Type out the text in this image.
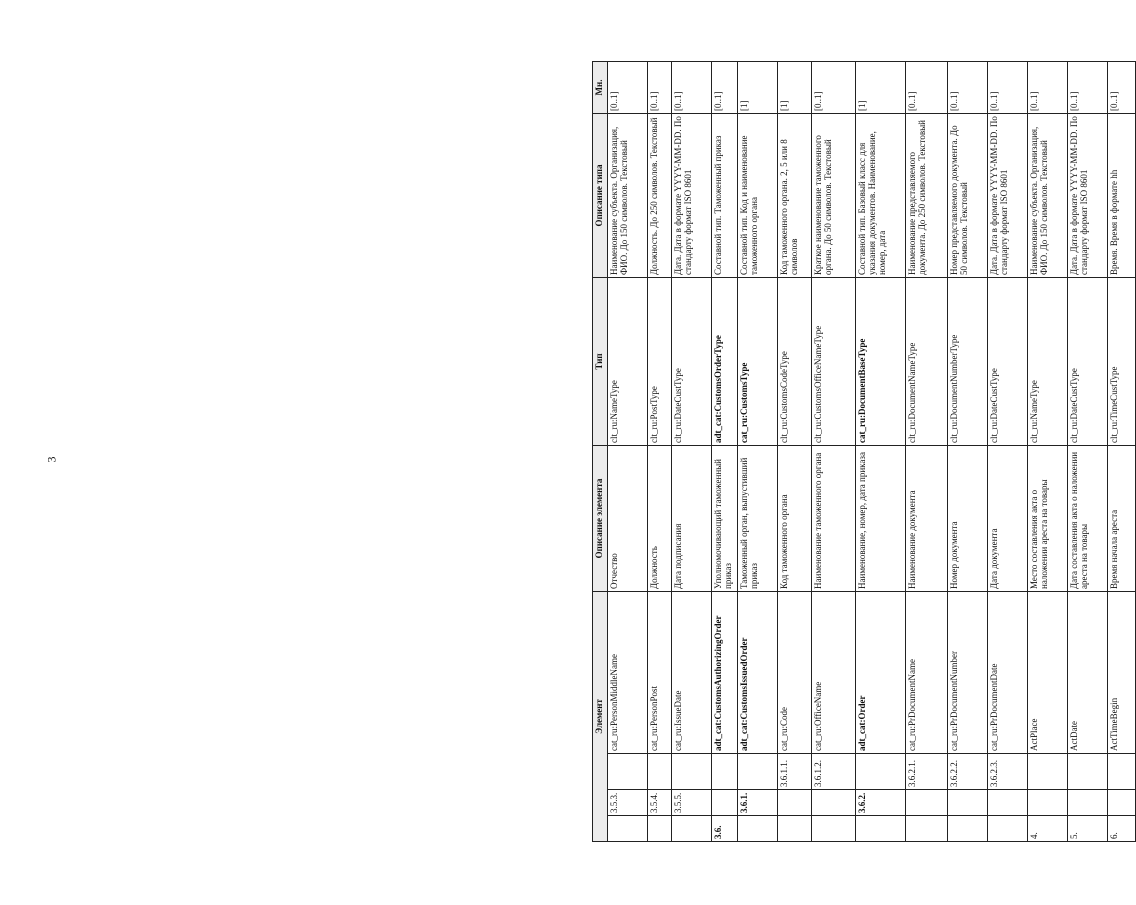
3
Элемент				Описание элемента	Тип	Описание типа	Мн.
	3.5.3.		cat_ru:PersonMiddleName	Отчество	clt_ru:NameType	Наименование субъекта. Организация, ФИО. До 150 символов. Текстовый	[0..1]
	3.5.4.		cat_ru:PersonPost	Должность	clt_ru:PostType	Должность. До 250 символов. Текстовый	[0..1]
	3.5.5.		cat_ru:IssueDate	Дата подписания	clt_ru:DateCustType	Дата. Дата в формате YYYY-MM-DD. По стандарту формат ISO 8601	[0..1]
3.6.			adt_cat:CustomsAuthorizingOrder	Уполномочивающий таможенный приказ	adt_cat:CustomsOrderType	Составной тип. Таможенный приказ	[0..1]
	3.6.1.		adt_cat:CustomsIssuedOrder	Таможенный орган, выпустивший приказ	cat_ru:CustomsType	Составной тип. Код и наименование таможенного органа	[1]
		3.6.1.1.	cat_ru:Code	Код таможенного органа	clt_ru:CustomsCodeType	Код таможенного органа. 2, 5 или 8 символов	[1]
		3.6.1.2.	cat_ru:OfficeName	Наименование таможенного органа	clt_ru:CustomsOfficeNameType	Краткое наименование таможенного органа. До 50 символов. Текстовый	[0..1]
	3.6.2.		adt_cat:Order	Наименование, номер, дата приказа	cat_ru:DocumentBaseType	Составной тип. Базовый класс для указания документов. Наименование, номер, дата	[1]
		3.6.2.1.	cat_ru:PrDocumentName	Наименование документа	clt_ru:DocumentNameType	Наименование представляемого документа. До 250 символов. Текстовый	[0..1]
		3.6.2.2.	cat_ru:PrDocumentNumber	Номер документа	clt_ru:DocumentNumberType	Номер представляемого документа. До 50 символов. Текстовый	[0..1]
		3.6.2.3.	cat_ru:PrDocumentDate	Дата документа	clt_ru:DateCustType	Дата. Дата в формате YYYY-MM-DD. По стандарту формат ISO 8601	[0..1]
4.			ActPlace	Место составления акта о наложении ареста на товары	clt_ru:NameType	Наименование субъекта. Организация, ФИО. До 150 символов. Текстовый	[0..1]
5.			ActDate	Дата составления акта о наложении ареста на товары	clt_ru:DateCustType	Дата. Дата в формате YYYY-MM-DD. По стандарту формат ISO 8601	[0..1]
6.			ActTimeBegin	Время начала ареста	clt_ru:TimeCustType	Время. Время в формате hh	[0..1]
